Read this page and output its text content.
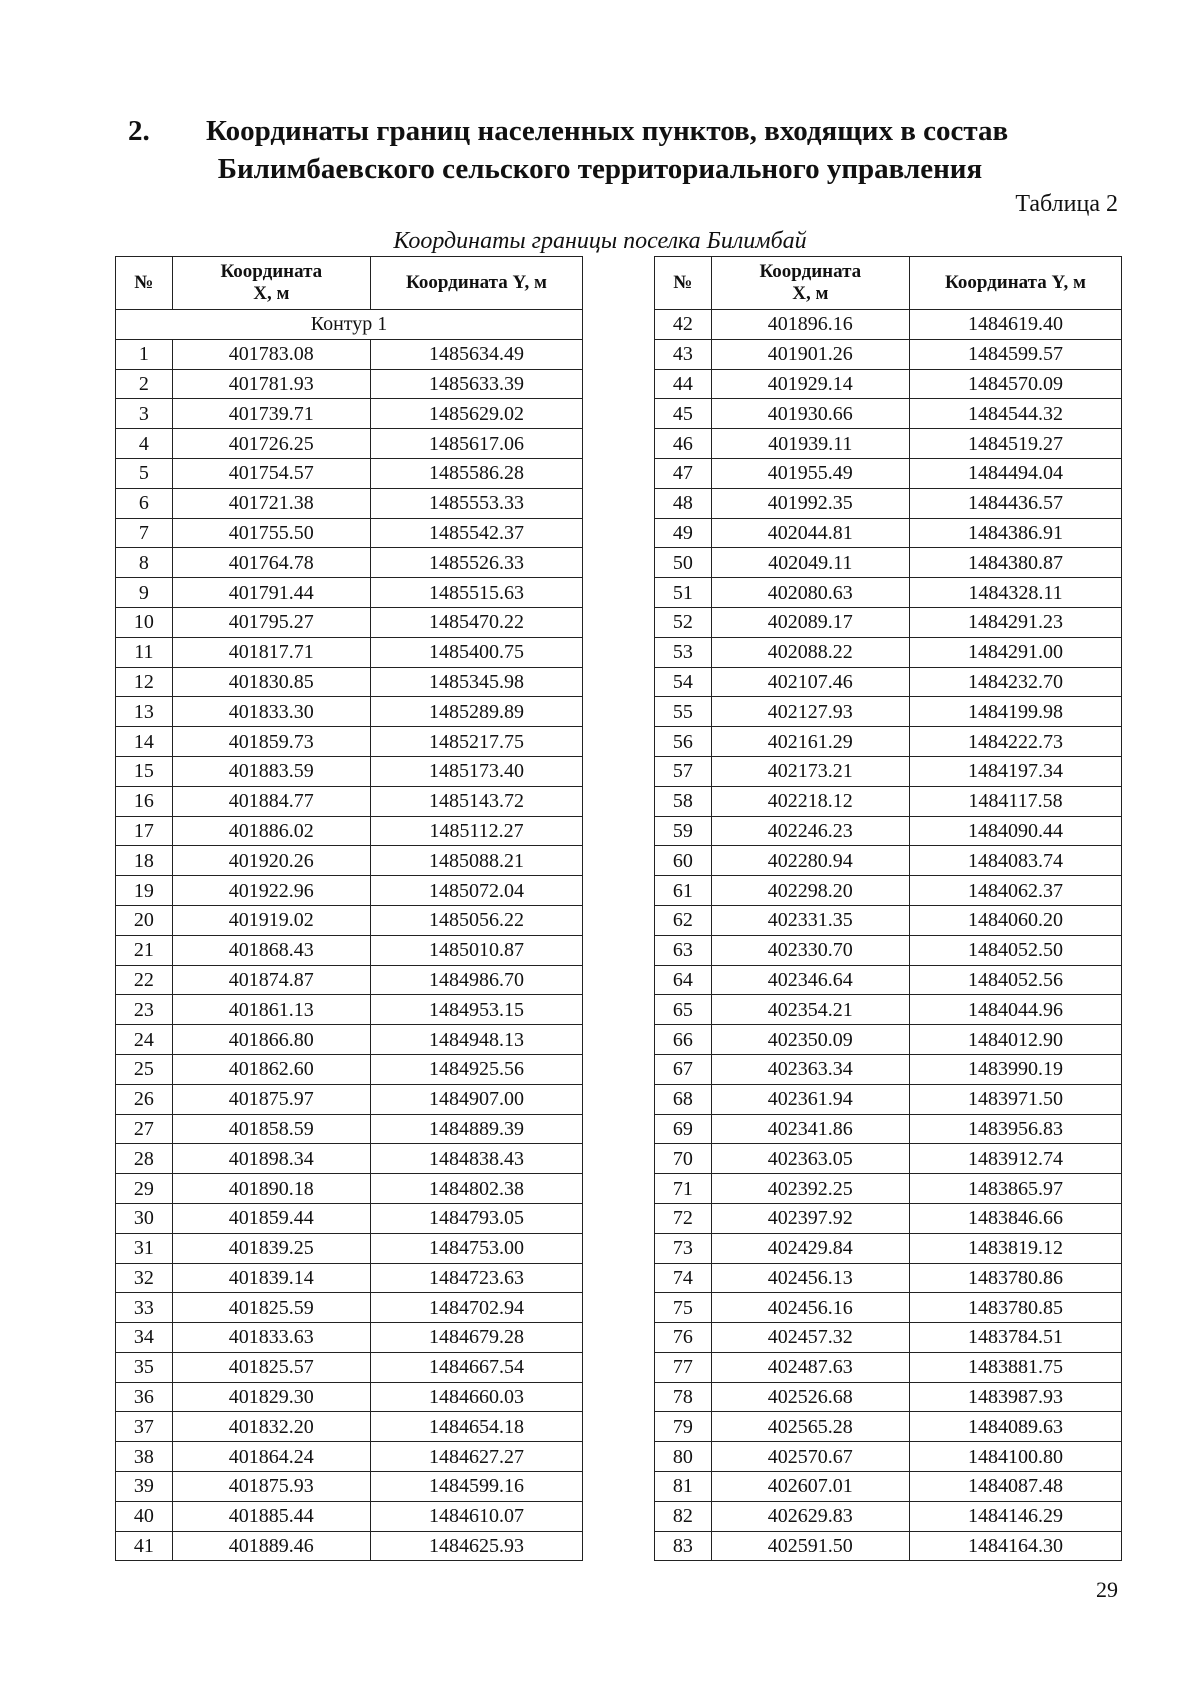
2. Координаты границ населенных пунктов, входящих в состав
Билимбаевского сельского территориального управления
Таблица 2
Координаты границы поселка Билимбай
№	Координата
X, м	Координата Y, м
Контур 1		
1	401783.08	1485634.49
2	401781.93	1485633.39
3	401739.71	1485629.02
4	401726.25	1485617.06
5	401754.57	1485586.28
6	401721.38	1485553.33
7	401755.50	1485542.37
8	401764.78	1485526.33
9	401791.44	1485515.63
10	401795.27	1485470.22
11	401817.71	1485400.75
12	401830.85	1485345.98
13	401833.30	1485289.89
14	401859.73	1485217.75
15	401883.59	1485173.40
16	401884.77	1485143.72
17	401886.02	1485112.27
18	401920.26	1485088.21
19	401922.96	1485072.04
20	401919.02	1485056.22
21	401868.43	1485010.87
22	401874.87	1484986.70
23	401861.13	1484953.15
24	401866.80	1484948.13
25	401862.60	1484925.56
26	401875.97	1484907.00
27	401858.59	1484889.39
28	401898.34	1484838.43
29	401890.18	1484802.38
30	401859.44	1484793.05
31	401839.25	1484753.00
32	401839.14	1484723.63
33	401825.59	1484702.94
34	401833.63	1484679.28
35	401825.57	1484667.54
36	401829.30	1484660.03
37	401832.20	1484654.18
38	401864.24	1484627.27
39	401875.93	1484599.16
40	401885.44	1484610.07
41	401889.46	1484625.93
№	Координата
X, м	Координата Y, м
42	401896.16	1484619.40
43	401901.26	1484599.57
44	401929.14	1484570.09
45	401930.66	1484544.32
46	401939.11	1484519.27
47	401955.49	1484494.04
48	401992.35	1484436.57
49	402044.81	1484386.91
50	402049.11	1484380.87
51	402080.63	1484328.11
52	402089.17	1484291.23
53	402088.22	1484291.00
54	402107.46	1484232.70
55	402127.93	1484199.98
56	402161.29	1484222.73
57	402173.21	1484197.34
58	402218.12	1484117.58
59	402246.23	1484090.44
60	402280.94	1484083.74
61	402298.20	1484062.37
62	402331.35	1484060.20
63	402330.70	1484052.50
64	402346.64	1484052.56
65	402354.21	1484044.96
66	402350.09	1484012.90
67	402363.34	1483990.19
68	402361.94	1483971.50
69	402341.86	1483956.83
70	402363.05	1483912.74
71	402392.25	1483865.97
72	402397.92	1483846.66
73	402429.84	1483819.12
74	402456.13	1483780.86
75	402456.16	1483780.85
76	402457.32	1483784.51
77	402487.63	1483881.75
78	402526.68	1483987.93
79	402565.28	1484089.63
80	402570.67	1484100.80
81	402607.01	1484087.48
82	402629.83	1484146.29
83	402591.50	1484164.30
29
